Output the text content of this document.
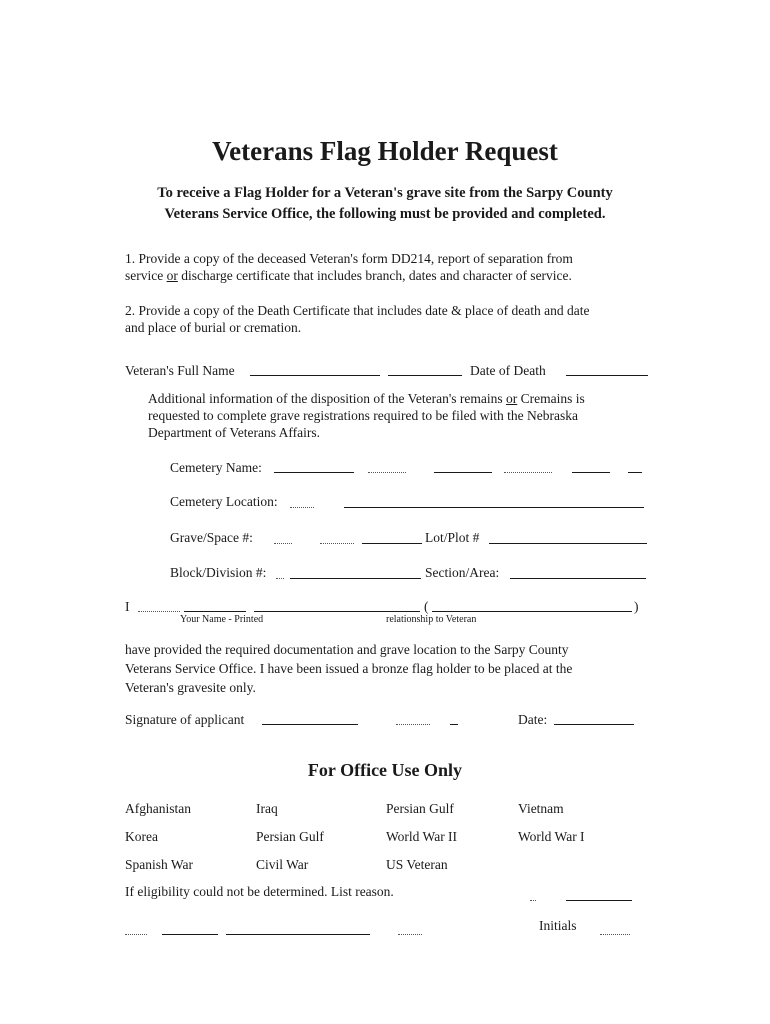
Veterans Flag Holder Request
To receive a Flag Holder for a Veteran's grave site from the Sarpy County
Veterans Service Office, the following must be provided and completed.
1. Provide a copy of the deceased Veteran's form DD214, report of separation from
service or discharge certificate that includes branch, dates and character of service.
2. Provide a copy of the Death Certificate that includes date & place of death and date
and place of burial or cremation.
Veteran's Full Name	Date of Death
Additional information of the disposition of the Veteran's remains or Cremains is
requested to complete grave registrations required to be filed with the Nebraska
Department of Veterans Affairs.
Cemetery Name:
Cemetery Location:
Grave/Space #:	Lot/Plot #
Block/Division #:	Section/Area:
I	(	)
Your Name - Printed	relationship to Veteran
have provided the required documentation and grave location to the Sarpy County
Veterans Service Office. I have been issued a bronze flag holder to be placed at the
Veteran's gravesite only.
Signature of applicant	Date:
For Office Use Only
Afghanistan	Iraq	Persian Gulf	Vietnam
Korea	Persian Gulf	World War II	World War I
Spanish War	Civil War	US Veteran
If eligibility could not be determined. List reason.
Initials
